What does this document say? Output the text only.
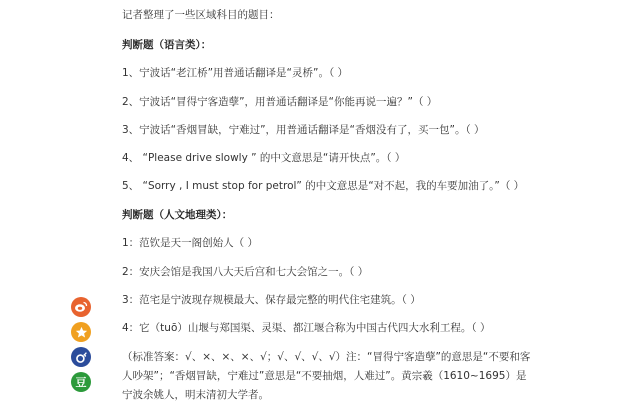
记者整理了一些区域科目的题目：
判断题（语言类）：
1、宁波话“老江桥”用普通话翻译是“灵桥”。（ ）
2、宁波话“冒得宁客造孽”，用普通话翻译是“你能再说一遍？”（ ）
3、宁波话“香烟冒缺，宁难过”，用普通话翻译是“香烟没有了，买一包”。（ ）
4、 “Please drive slowly ” 的中文意思是“请开快点”。（ ）
5、 “Sorry , I must stop for petrol” 的中文意思是“对不起，我的车要加油了。”（ ）
判断题（人文地理类）：
1：范钦是天一阁创始人（ ）
2：安庆会馆是我国八大天后宫和七大会馆之一。（ ）
3：范宅是宁波现存规模最大、保存最完整的明代住宅建筑。（ ）
4：它（tuō）山堰与郑国渠、灵渠、都江堰合称为中国古代四大水利工程。（ ）
（标准答案：√、×、×、×、√；√、√、√、√）注：“冒得宁客造孽”的意思是“不要和客
人吵架”；“香烟冒缺，宁难过”意思是“不要抽烟，人难过”。黄宗羲（1610~1695）是
宁波余姚人，明末清初大学者。
豆
